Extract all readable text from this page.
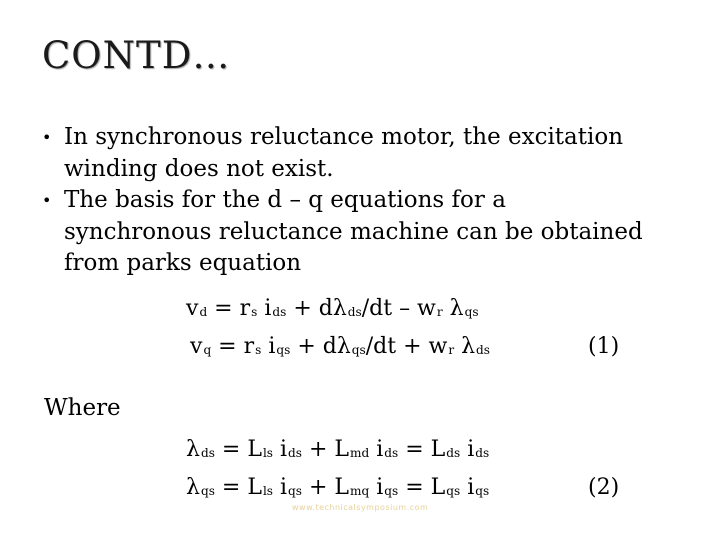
CONTD…
• In synchronous reluctance motor, the excitation winding does not exist.
• The basis for the d – q equations for a synchronous reluctance machine can be obtained from parks equation
$v_d = r_s$ $i_{ds} + d\lambda_{ds}/dt - w_r$ $\lambda_{qs}$
$v_q = r_s$ $i_{qs} + d\lambda_{qs}/dt + w_r$ $\lambda_{ds}$	(1)
Where
$\lambda_{ds} = L_{ls}$ $i_{ds} + L_{md}$ $i_{ds} = L_{ds}$ $i_{ds}$
$\lambda_{qs} = L_{ls}$ $i_{qs} + L_{mq}$ $i_{qs} = L_{qs}$ $i_{qs}$	(2)
www.technicalsymposium.com
